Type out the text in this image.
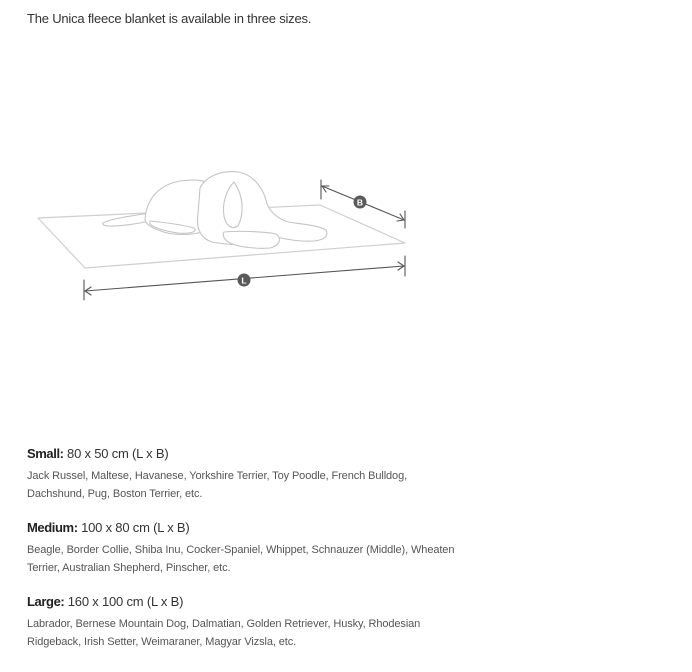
The Unica fleece blanket is available in three sizes.
B
L
Small: 80 x 50 cm (L x B)
Jack Russel, Maltese, Havanese, Yorkshire Terrier, Toy Poodle, French Bulldog,
Dachshund, Pug, Boston Terrier, etc.
Medium: 100 x 80 cm (L x B)
Beagle, Border Collie, Shiba Inu, Cocker-Spaniel, Whippet, Schnauzer (Middle), Wheaten
Terrier, Australian Shepherd, Pinscher, etc.
Large: 160 x 100 cm (L x B)
Labrador, Bernese Mountain Dog, Dalmatian, Golden Retriever, Husky, Rhodesian
Ridgeback, Irish Setter, Weimaraner, Magyar Vizsla, etc.
